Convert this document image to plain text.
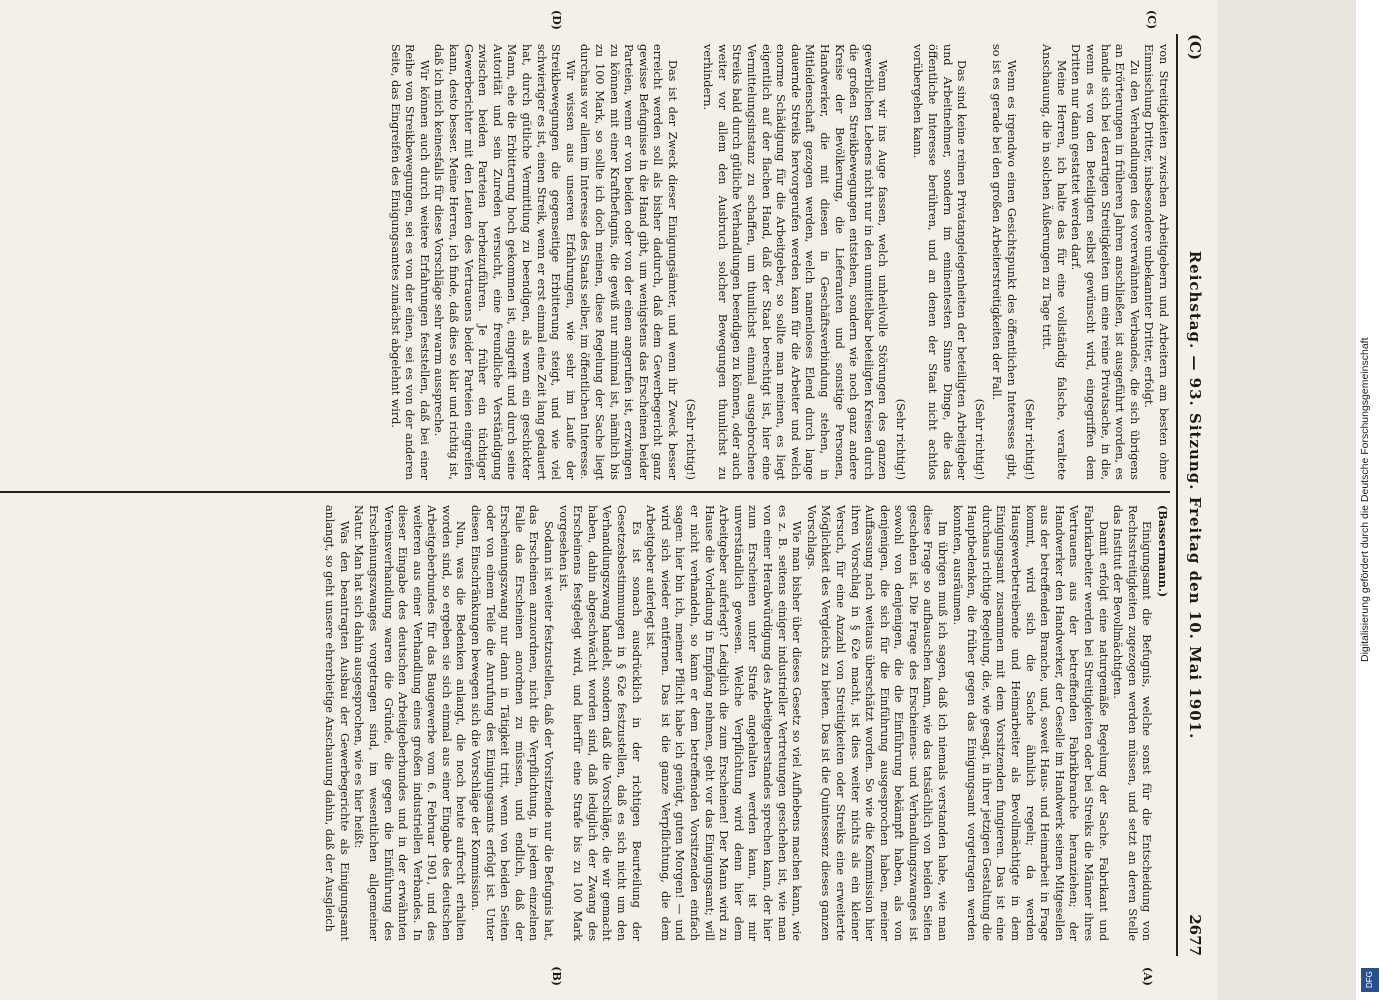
(C)
Reichstag. — 93. Sitzung. Freitag den 10. Mai 1901.
2677
(A)
(B)
(C)
(D)

(Bassermann.)

Einigungsamt die Befugnis, welche sonst für die Entscheidung von Rechtsstreitigkeiten zugezogen werden müssen, und setzt an deren Stelle das Institut der Bevollmächtigten.

Damit erfolgt eine naturgemäße Regelung der Sache. Fabrikant und Fabrikarbeiter werden bei Streitigkeiten oder bei Streiks die Männer ihres Vertrauens aus der betreffenden Fabrikbranche heranziehen; der Handwerker den Handwerker, der Geselle im Handwerk seinen Mitgesellen aus der betreffenden Branche, und, soweit Haus- und Heimarbeit in Frage kommt, wird sich die Sache ähnlich regeln; da werden Hausgewerbetreibende und Heimarbeiter als Bevollmächtigte in dem Einigungsamt zusammen mit dem Vorsitzenden fungieren. Das ist eine durchaus richtige Regelung, die, wie gesagt, in ihrer jetzigen Gestaltung die Hauptbedenken, die früher gegen das Einigungsamt vorgetragen werden konnten, ausräumen.

Im übrigen muß ich sagen, daß ich niemals verstanden habe, wie man diese Frage so aufbauschen kann, wie das tatsächlich von beiden Seiten geschehen ist. Die Frage des Erscheinens- und Verhandlungszwanges ist sowohl von denjenigen, die die Einführung bekämpft haben, als von denjenigen, die sich für die Einführung ausgesprochen haben, meiner Auffassung nach weitaus überschätzt worden. So wie die Kommission hier ihren Vorschlag in § 62e macht, ist dies weiter nichts als ein kleiner Versuch, für eine Anzahl von Streitigkeiten oder Streiks eine erweiterte Möglichkeit des Vergleichs zu bieten. Das ist die Quintessenz dieses ganzen Vorschlags.

Wie man bisher über dieses Gesetz so viel Aufhebens machen kann, wie es z. B. seitens einiger industrieller Vertretungen geschehen ist, wie man von einer Herabwürdigung des Arbeitgeberstandes sprechen kann, der hier zum Erscheinen unter Strafe angehalten werden kann, ist mir unverständlich gewesen. Welche Verpflichtung wird denn hier dem Arbeitgeber auferlegt? Lediglich die zum Erscheinen! Der Mann wird zu Hause die Vorladung in Empfang nehmen, geht vor das Einigungsamt; will er nicht verhandeln, so kann er dem betreffenden Vorsitzenden einfach sagen: hier bin ich, meiner Pflicht habe ich genügt, guten Morgen! — und wird sich wieder entfernen. Das ist die ganze Verpflichtung, die dem Arbeitgeber auferlegt ist.

Es ist sonach ausdrücklich in der richtigen Beurteilung der Gesetzesbestimmungen in § 62e festzustellen, daß es sich nicht um den Verhandlungszwang handelt, sondern daß die Vorschläge, die wir gemacht haben, dahin abgeschwächt worden sind, daß lediglich der Zwang des Erscheinens festgelegt wird, und hierfür eine Strafe bis zu 100 Mark vorgesehen ist.

Sodann ist weiter festzustellen, daß der Vorsitzende nur die Befugnis hat, das Erscheinen anzuordnen, nicht die Verpflichtung, in jedem einzelnen Falle das Erscheinen anordnen zu müssen, und endlich, daß der Erscheinungszwang nur dann in Tätigkeit tritt, wenn von beiden Seiten oder von einem Teile die Anrufung des Einigungsamts erfolgt ist. Unter diesen Einschränkungen bewegen sich die Vorschläge der Kommission.

Nun, was die Bedenken anlangt, die noch heute aufrecht erhalten worden sind, so ergeben sie sich einmal aus einer Eingabe des deutschen Arbeitgeberbundes für das Baugewerbe vom 6. Februar 1901, und des weiteren aus einer Verhandlung eines großen industriellen Verbandes. In dieser Eingabe des deutschen Arbeitgeberbundes und in der erwähnten Vereinsverhandlung waren die Gründe, die gegen die Einführung des Erscheinungszwanges vorgetragen sind, im wesentlichen allgemeiner Natur. Man hat sich dahin ausgesprochen, wie es hier heißt:

Was den beantragten Ausbau der Gewerbegerichte als Einigungsamt anlangt, so geht unsere ehrerbietige Anschauung dahin, daß der Ausgleich

von Streitigkeiten zwischen Arbeitgebern und Arbeitern am besten ohne Einmischung Dritter, insbesondere unbekannter Dritter, erfolgt.

Zu den Verhandlungen des vorerwähnten Verbandes, die sich übrigens an Erörterungen in früheren Jahren anschließen, ist ausgeführt worden, es handle sich bei derartigen Streitigkeiten um eine reine Privatsache, in die, wenn es von den Beteiligten selbst gewünscht wird, eingegriffen dem Dritten nur dann gestattet werden darf.

Meine Herren, ich halte das für eine vollständig falsche, veraltete Anschauung, die in solchen Äußerungen zu Tage tritt.

(Sehr richtig!)

Wenn es irgendwo einen Gesichtspunkt des öffentlichen Interesses gibt, so ist es gerade bei den großen Arbeiterstreitigkeiten der Fall.

(Sehr richtig!)

Das sind keine reinen Privatangelegenheiten der beteiligten Arbeitgeber und Arbeitnehmer, sondern im eminentesten Sinne Dinge, die das öffentliche Interesse berühren, und an denen der Staat nicht achtlos vorübergehen kann.

(Sehr richtig!)

Wenn wir ins Auge fassen, welch unheilvolle Störungen des ganzen gewerblichen Lebens nicht nur in den unmittelbar beteiligten Kreisen durch die großen Streikbewegungen entstehen, sondern wie noch ganz andere Kreise der Bevölkerung, die Lieferanten und sonstige Personen, Handwerker, die mit diesen in Geschäftsverbindung stehen, in Mitleidenschaft gezogen werden, welch namenloses Elend durch lange dauernde Streiks hervorgerufen werden kann für die Arbeiter und welch enorme Schädigung für die Arbeitgeber, so sollte man meinen, es liegt eigentlich auf der flachen Hand, daß der Staat berechtigt ist, hier eine Vermittelungsinstanz zu schaffen, um thunlichst einmal ausgebrochene Streiks bald durch gütliche Verhandlungen beendigen zu können, oder auch weiter vor allem den Ausbruch solcher Bewegungen thunlichst zu verhindern.

(Sehr richtig!)

Das ist der Zweck dieser Einigungsämter, und wenn ihr Zweck besser erreicht werden soll als bisher dadurch, daß dem Gewerbegericht ganz gewisse Befugnisse in die Hand gibt, um wenigstens das Erscheinen beider Parteien, wenn er von beiden oder von der einen angerufen ist, erzwingen zu können mit einer Kraftbefugnis, die gewiß nur minimal ist, nämlich bis zu 100 Mark, so sollte ich doch meinen, diese Regelung der Sache liegt durchaus vor allem im Interesse des Staats selber, im öffentlichen Interesse.

Wir wissen aus unseren Erfahrungen, wie sehr im Laufe der Streikbewegungen die gegenseitige Erbitterung steigt, und wie viel schwieriger es ist, einen Streik, wenn er erst einmal eine Zeit lang gedauert hat, durch gütliche Vermittlung zu beendigen, als wenn ein geschickter Mann, ehe die Erbitterung hoch gekommen ist, eingreift und durch seine Autorität und sein Zureden versucht, eine freundliche Verständigung zwischen beiden Parteien herbeizuführen. Je früher ein tüchtiger Gewerberichter mit den Leuten des Vertrauens beider Parteien eingreifen kann, desto besser. Meine Herren, ich finde, daß dies so klar und richtig ist, daß ich mich keinesfalls für diese Vorschläge sehr warm ausspreche.

Wir können auch durch weitere Erfahrungen feststellen, daß bei einer Reihe von Streikbewegungen, sei es von der einen, sei es von der anderen Seite, das Eingreifen des Einigungsamtes zunächst abgelehnt wird.

Digitalisierung gefördert durch die Deutsche Forschungsgemeinschaft
DFG
